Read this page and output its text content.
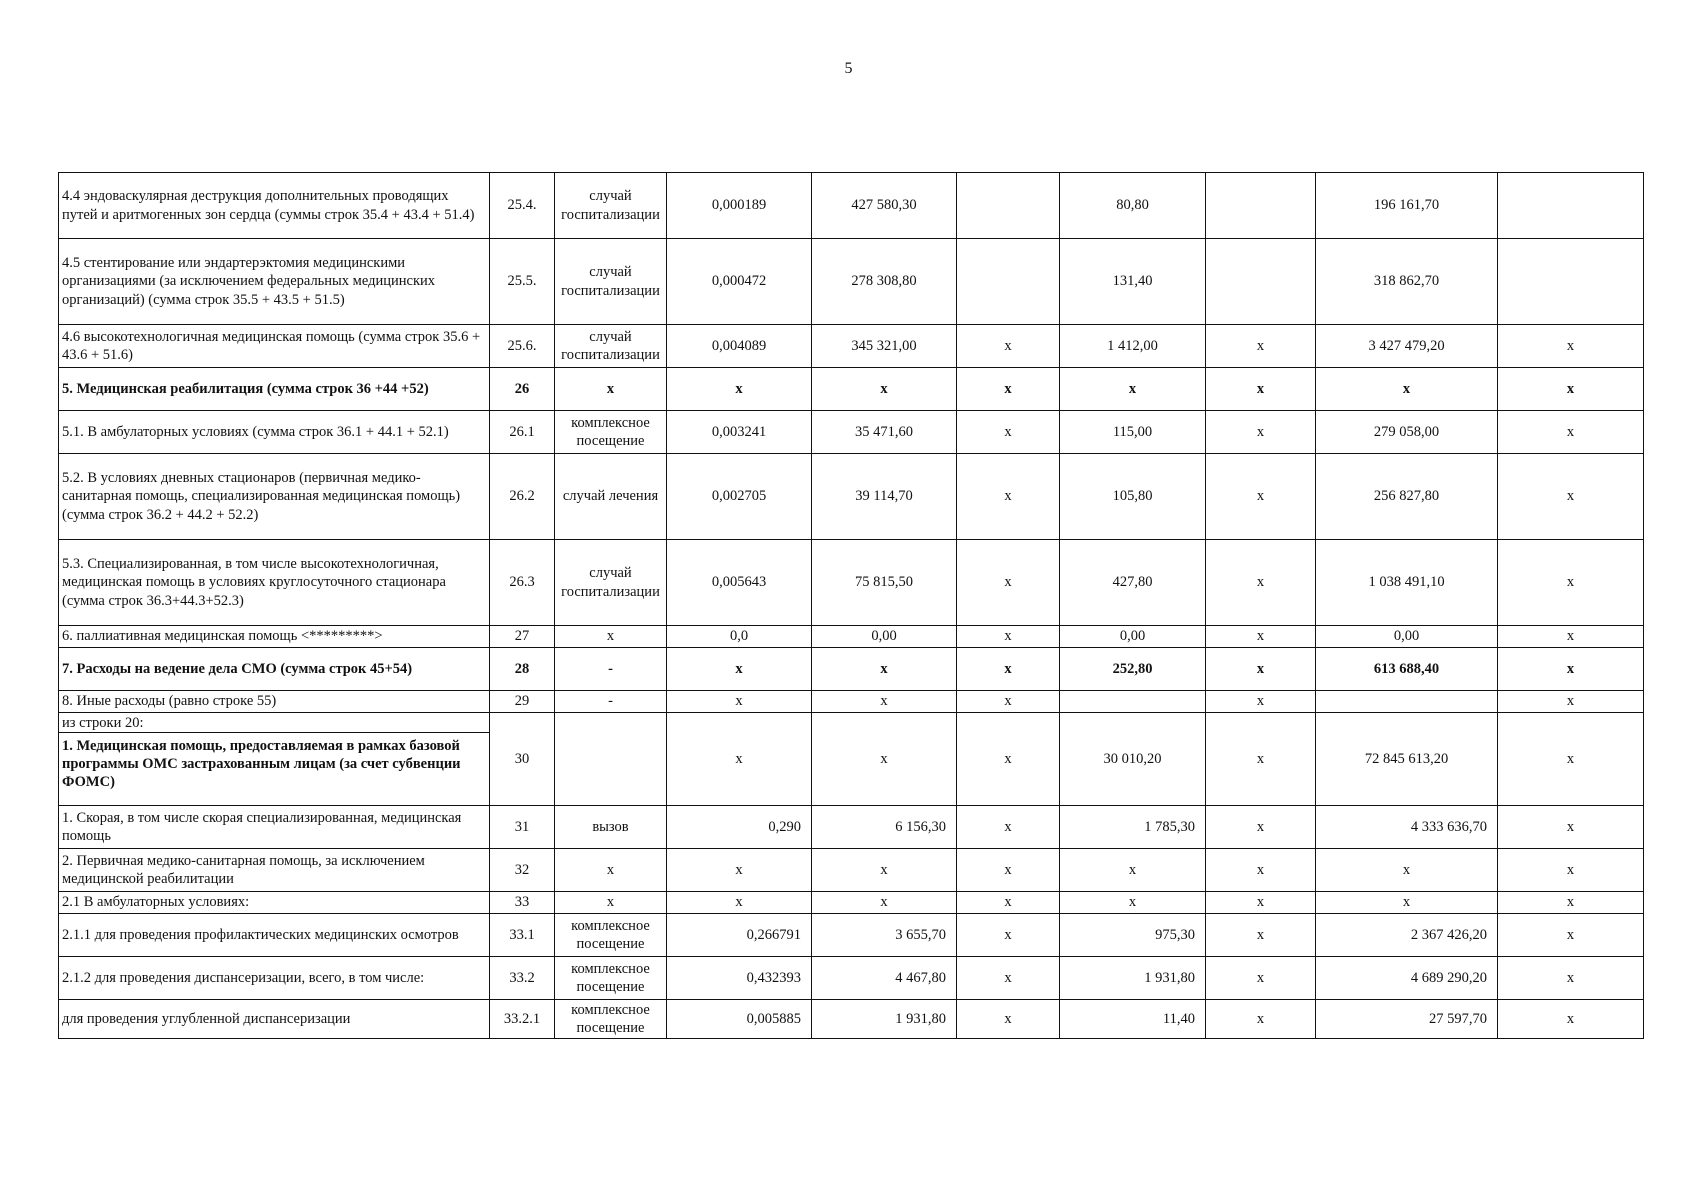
5
4.4 эндоваскулярная деструкция дополнительных проводящих путей и аритмогенных зон сердца (суммы строк 35.4 + 43.4 + 51.4)	25.4.	случай госпитализации	0,000189	427 580,30		80,80		196 161,70	
4.5 стентирование или эндартерэктомия медицинскими организациями (за исключением федеральных медицинских организаций) (сумма строк 35.5 + 43.5 + 51.5)	25.5.	случай госпитализации	0,000472	278 308,80		131,40		318 862,70	
4.6 высокотехнологичная медицинская помощь (сумма строк 35.6 + 43.6 + 51.6)	25.6.	случай госпитализации	0,004089	345 321,00	х	1 412,00	х	3 427 479,20	х
5. Медицинская реабилитация (сумма строк 36 +44 +52)	26	х	х	х	х	х	х	х	х
5.1. В амбулаторных условиях (сумма строк 36.1 + 44.1 + 52.1)	26.1	комплексное посещение	0,003241	35 471,60	х	115,00	х	279 058,00	х
5.2. В условиях дневных стационаров (первичная медико-санитарная помощь, специализированная медицинская помощь) (сумма строк 36.2 + 44.2 + 52.2)	26.2	случай лечения	0,002705	39 114,70	х	105,80	х	256 827,80	х
5.3. Специализированная, в том числе высокотехнологичная, медицинская помощь в условиях круглосуточного стационара (сумма строк 36.3+44.3+52.3)	26.3	случай госпитализации	0,005643	75 815,50	х	427,80	х	1 038 491,10	х
6. паллиативная медицинская помощь <*********>	27	х	0,0	0,00	х	0,00	х	0,00	х
7. Расходы на ведение дела СМО (сумма строк 45+54)	28	-	х	х	х	252,80	х	613 688,40	х
8. Иные расходы (равно строке 55)	29	-	х	х	х		х		х

из строки 20:
1. Медицинская помощь, предоставляемая в рамках базовой программы ОМС застрахованным лицам (за счет субвенции ФОМС)	30		х	х	х	30 010,20	х	72 845 613,20	х
1. Скорая, в том числе скорая специализированная, медицинская помощь	31	вызов	0,290	6 156,30	х	1 785,30	х	4 333 636,70	х
2. Первичная медико-санитарная помощь, за исключением медицинской реабилитации	32	х	х	х	х	х	х	х	х
2.1 В амбулаторных условиях:	33	х	х	х	х	х	х	х	х
2.1.1 для проведения профилактических медицинских осмотров	33.1	комплексное посещение	0,266791	3 655,70	х	975,30	х	2 367 426,20	х
2.1.2 для проведения диспансеризации, всего, в том числе:	33.2	комплексное посещение	0,432393	4 467,80	х	1 931,80	х	4 689 290,20	х
для проведения углубленной диспансеризации	33.2.1	комплексное посещение	0,005885	1 931,80	х	11,40	х	27 597,70	х
